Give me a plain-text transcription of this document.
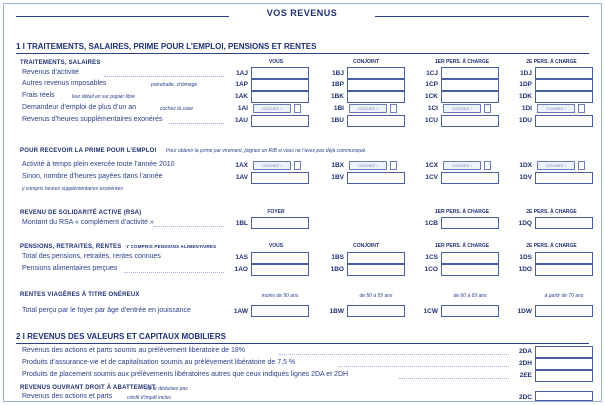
VOS REVENUS
1 I TRAITEMENTS, SALAIRES, PRIME POUR L’EMPLOI, PENSIONS ET RENTES
TRAITEMENTS, SALAIRES	VOUS	CONJOINT	1ER PERS. À CHARGE	2E PERS. À CHARGE
Revenus d’activité	1AJ	1BJ	1CJ	1DJ
Autres revenus imposables	préretraite, chômage	1AP	1BP	1CP	1DP
Frais réels	leur détail en sur papier libre	1AK	1BK	1CK	1DK
Demandeur d’emploi de plus d’un an	cochez la case	1AI	COCHEZ ›	1BI	COCHEZ ›	1CI	COCHEZ ›	1DI	COCHEZ ›
Revenus d’heures supplémentaires exonérés	1AU	1BU	1CU	1DU
POUR RECEVOIR LA PRIME POUR L’EMPLOI Pour obtenir la prime par virement, joignez un RIB si vous ne l’avez pas déjà communiqué
Activité à temps plein exercée toute l’année 2010	1AX	COCHEZ ›	1BX	COCHEZ ›	1CX	COCHEZ ›	1DX	COCHEZ ›
Sinon, nombre d’heures payées dans l’année	1AV	1BV	1CV	1DV
y compris heures supplémentaires exonérées
REVENU DE SOLIDARITÉ ACTIVE (RSA)	FOYER	1ER PERS. À CHARGE	2E PERS. À CHARGE
Montant du RSA « complément d’activité »	1BL	1CB	1DQ
PENSIONS, RETRAITES, RENTES Y COMPRIS PENSIONS ALIMENTAIRES	VOUS	CONJOINT	1ER PERS. À CHARGE	2E PERS. À CHARGE
Total des pensions, retraites, rentes connues	1AS	1BS	1CS	1DS
Pensions alimentaires perçues	1AO	1BO	1CO	1DO
RENTES VIAGÈRES À TITRE ONÉREUX	moins de 50 ans	de 50 à 59 ans	de 60 à 69 ans	à partir de 70 ans
Total perçu par le foyer par âge d’entrée en jouissance	1AW	1BW	1CW	1DW
2 I REVENUS DES VALEURS ET CAPITAUX MOBILIERS
Revenus des actions et parts soumis au prélèvement libératoire de 18%	2DA
Produits d’assurance-vie et de capitalisation soumis au prélèvement libératoire de 7,5 %	2DH
Produits de placement soumis aux prélèvements libératoires autres que ceux indiqués lignes 2DA et 2DH	2EE
REVENUS OUVRANT DROIT À ABATTEMENT
ne le déduisez pas
Revenus des actions et parts	crédit d’impôt inclus	2DC
